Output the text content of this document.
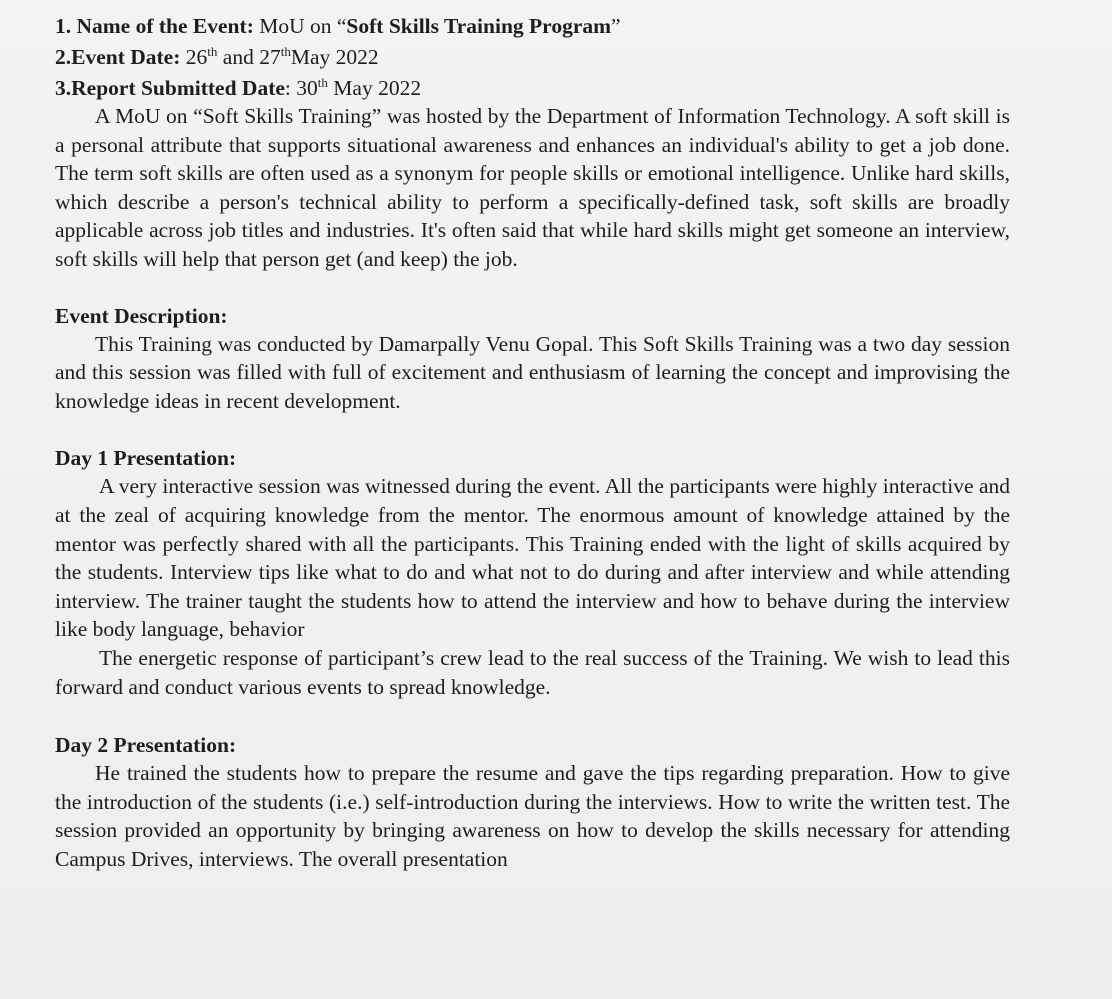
1. Name of the Event: MoU on “Soft Skills Training Program”

2.Event Date: 26th and 27thMay 2022

3.Report Submitted Date: 30th May 2022

A MoU on “Soft Skills Training” was hosted by the Department of Information Technology. A soft skill is a personal attribute that supports situational awareness and enhances an individual's ability to get a job done. The term soft skills are often used as a synonym for people skills or emotional intelligence. Unlike hard skills, which describe a person's technical ability to perform a specifically-defined task, soft skills are broadly applicable across job titles and industries. It's often said that while hard skills might get someone an interview, soft skills will help that person get (and keep) the job.

Event Description:

This Training was conducted by Damarpally Venu Gopal. This Soft Skills Training was a two day session and this session was filled with full of excitement and enthusiasm of learning the concept and improvising the knowledge ideas in recent development.

Day 1 Presentation:

A very interactive session was witnessed during the event. All the participants were highly interactive and at the zeal of acquiring knowledge from the mentor. The enormous amount of knowledge attained by the mentor was perfectly shared with all the participants. This Training ended with the light of skills acquired by the students. Interview tips like what to do and what not to do during and after interview and while attending interview. The trainer taught the students how to attend the interview and how to behave during the interview like body language, behavior

The energetic response of participant’s crew lead to the real success of the Training. We wish to lead this forward and conduct various events to spread knowledge.

Day 2 Presentation:

He trained the students how to prepare the resume and gave the tips regarding preparation. How to give the introduction of the students (i.e.) self-introduction during the interviews. How to write the written test. The session provided an opportunity by bringing awareness on how to develop the skills necessary for attending Campus Drives, interviews. The overall presentation
